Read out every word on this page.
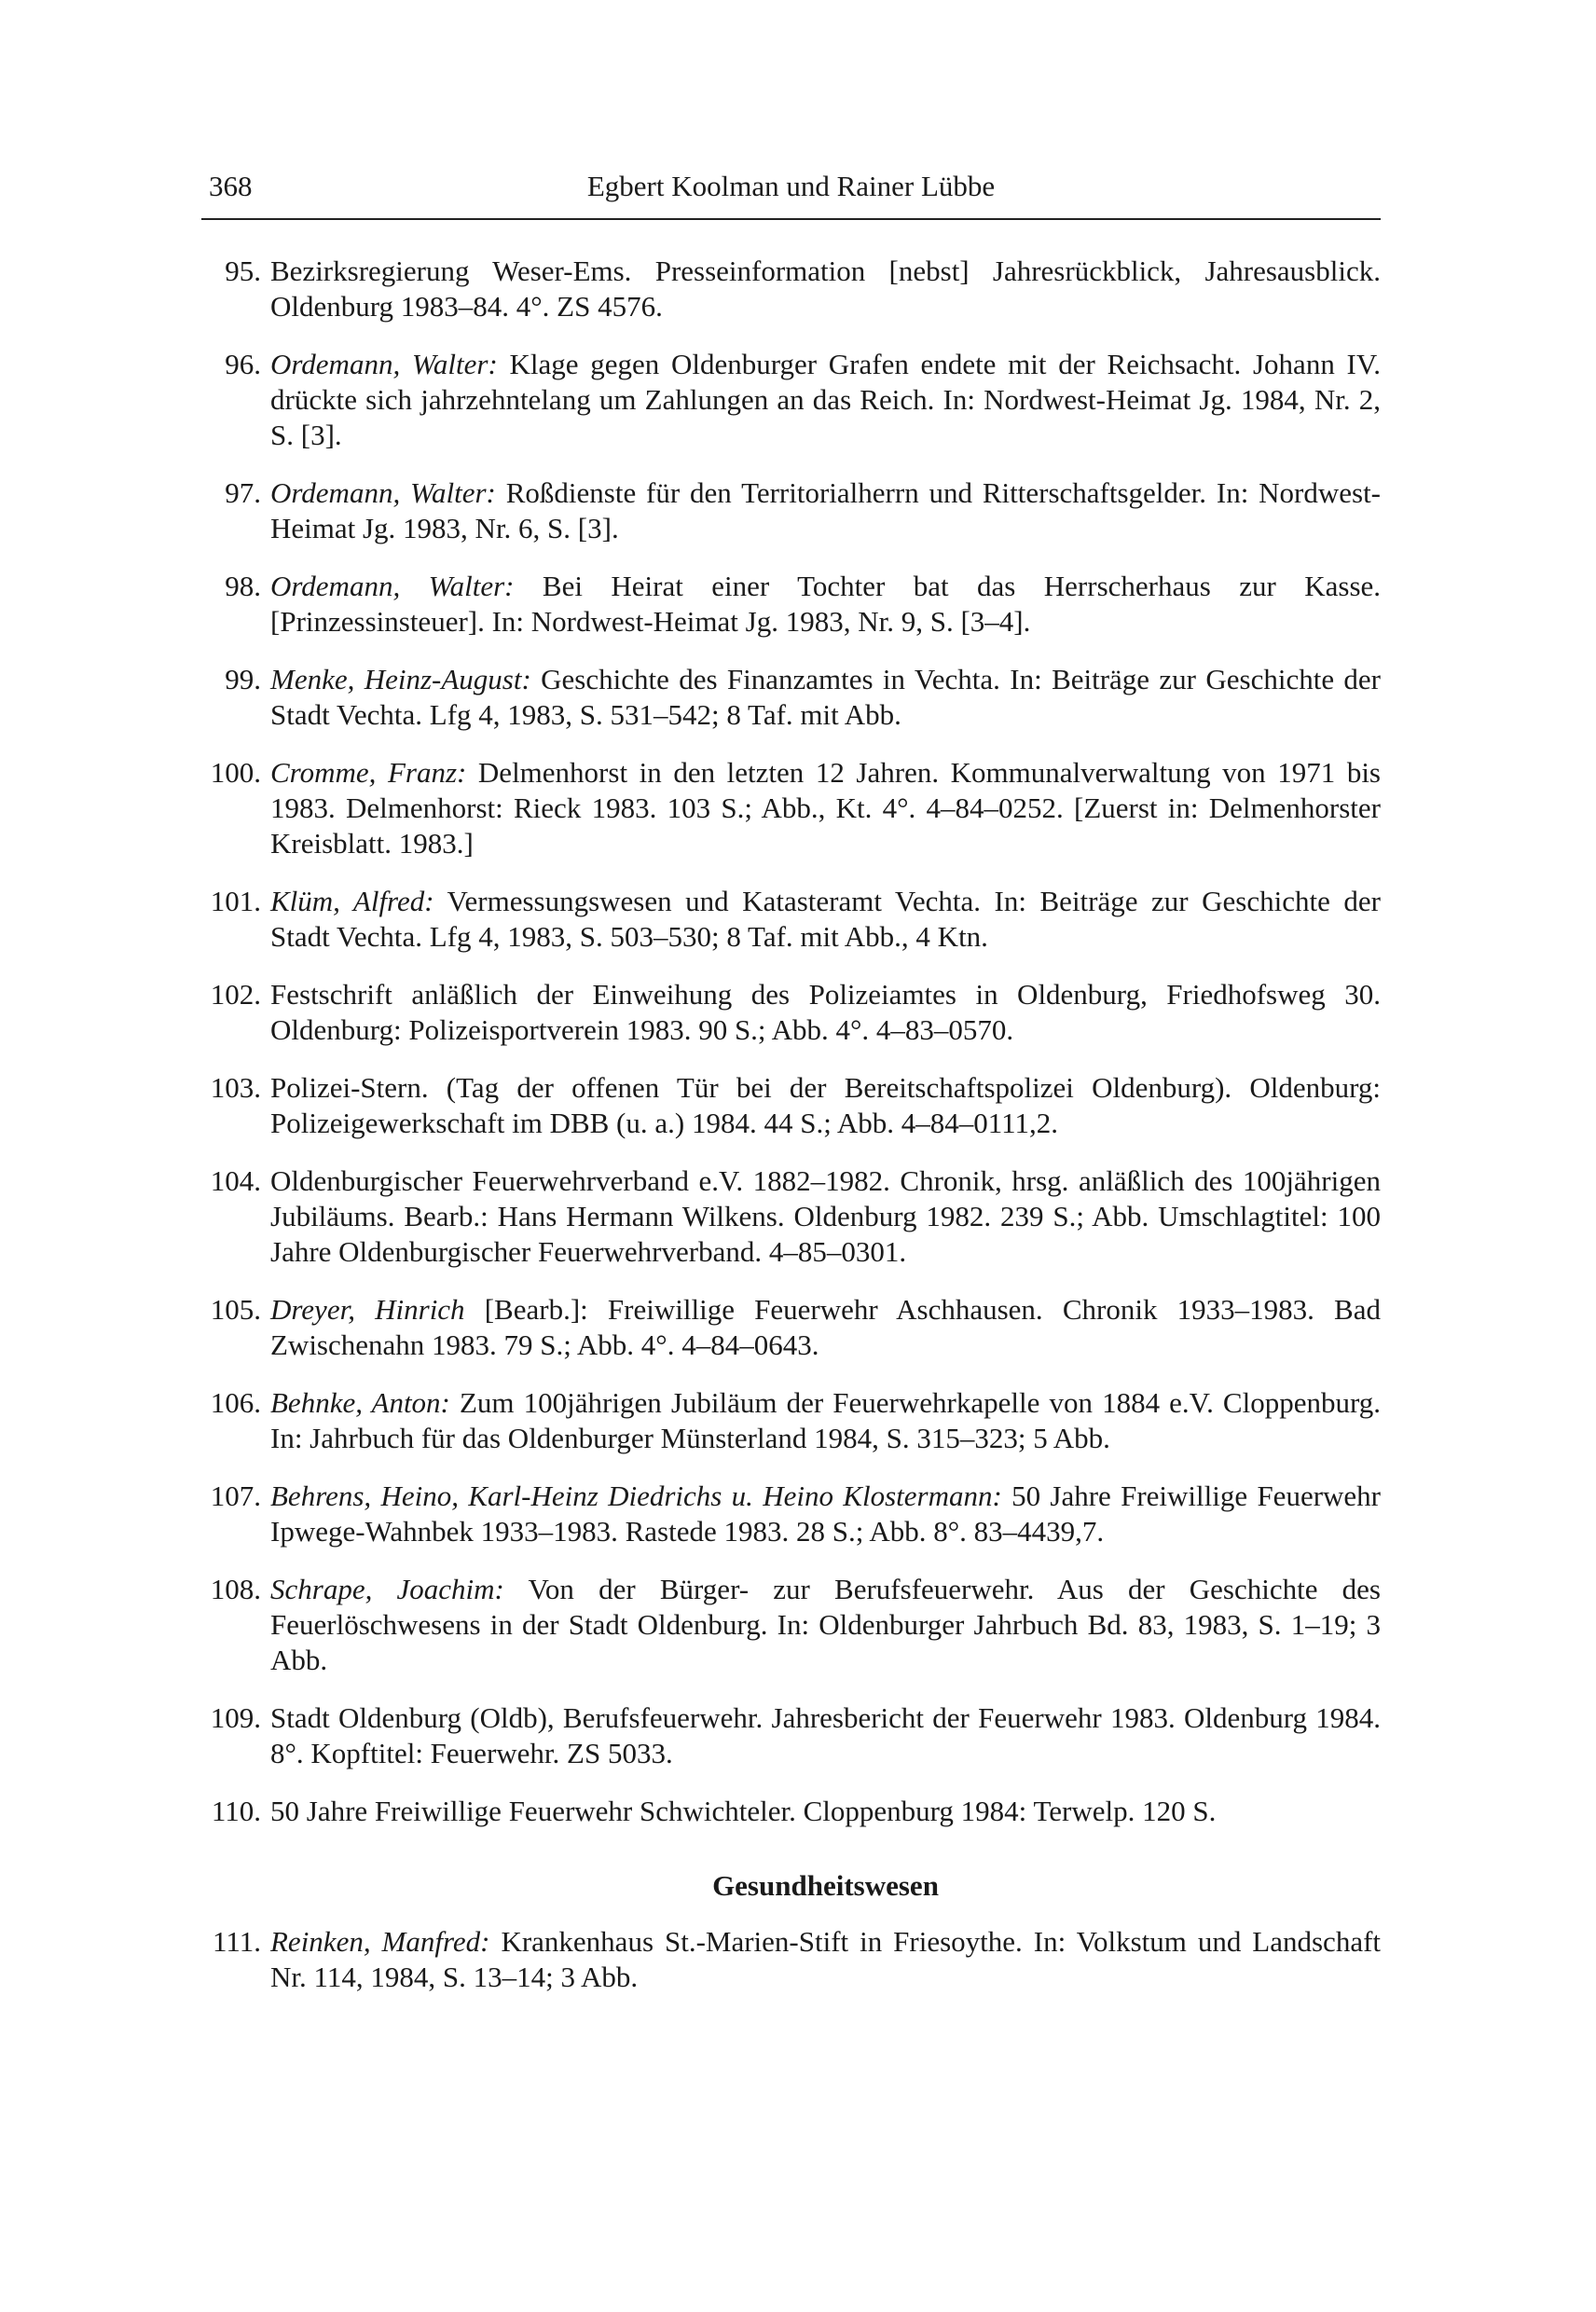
368	Egbert Koolman und Rainer Lübbe
95. Bezirksregierung Weser-Ems. Presseinformation [nebst] Jahresrückblick, Jahresausblick. Oldenburg 1983–84. 4°. ZS 4576.
96. Ordemann, Walter: Klage gegen Oldenburger Grafen endete mit der Reichsacht. Johann IV. drückte sich jahrzehntelang um Zahlungen an das Reich. In: Nordwest-Heimat Jg. 1984, Nr. 2, S. [3].
97. Ordemann, Walter: Roßdienste für den Territorialherrn und Ritterschaftsgelder. In: Nordwest-Heimat Jg. 1983, Nr. 6, S. [3].
98. Ordemann, Walter: Bei Heirat einer Tochter bat das Herrscherhaus zur Kasse. [Prinzessinsteuer]. In: Nordwest-Heimat Jg. 1983, Nr. 9, S. [3–4].
99. Menke, Heinz-August: Geschichte des Finanzamtes in Vechta. In: Beiträge zur Geschichte der Stadt Vechta. Lfg 4, 1983, S. 531–542; 8 Taf. mit Abb.
100. Cromme, Franz: Delmenhorst in den letzten 12 Jahren. Kommunalverwaltung von 1971 bis 1983. Delmenhorst: Rieck 1983. 103 S.; Abb., Kt. 4°. 4–84–0252. [Zuerst in: Delmenhorster Kreisblatt. 1983.]
101. Klüm, Alfred: Vermessungswesen und Katasteramt Vechta. In: Beiträge zur Geschichte der Stadt Vechta. Lfg 4, 1983, S. 503–530; 8 Taf. mit Abb., 4 Ktn.
102. Festschrift anläßlich der Einweihung des Polizeiamtes in Oldenburg, Friedhofsweg 30. Oldenburg: Polizeisportverein 1983. 90 S.; Abb. 4°. 4–83–0570.
103. Polizei-Stern. (Tag der offenen Tür bei der Bereitschaftspolizei Oldenburg). Oldenburg: Polizeigewerkschaft im DBB (u. a.) 1984. 44 S.; Abb. 4–84–0111,2.
104. Oldenburgischer Feuerwehrverband e.V. 1882–1982. Chronik, hrsg. anläßlich des 100jährigen Jubiläums. Bearb.: Hans Hermann Wilkens. Oldenburg 1982. 239 S.; Abb. Umschlagtitel: 100 Jahre Oldenburgischer Feuerwehrverband. 4–85–0301.
105. Dreyer, Hinrich [Bearb.]: Freiwillige Feuerwehr Aschhausen. Chronik 1933–1983. Bad Zwischenahn 1983. 79 S.; Abb. 4°. 4–84–0643.
106. Behnke, Anton: Zum 100jährigen Jubiläum der Feuerwehrkapelle von 1884 e.V. Cloppenburg. In: Jahrbuch für das Oldenburger Münsterland 1984, S. 315–323; 5 Abb.
107. Behrens, Heino, Karl-Heinz Diedrichs u. Heino Klostermann: 50 Jahre Freiwillige Feuerwehr Ipwege-Wahnbek 1933–1983. Rastede 1983. 28 S.; Abb. 8°. 83–4439,7.
108. Schrape, Joachim: Von der Bürger- zur Berufsfeuerwehr. Aus der Geschichte des Feuerlöschwesens in der Stadt Oldenburg. In: Oldenburger Jahrbuch Bd. 83, 1983, S. 1–19; 3 Abb.
109. Stadt Oldenburg (Oldb), Berufsfeuerwehr. Jahresbericht der Feuerwehr 1983. Oldenburg 1984. 8°. Kopftitel: Feuerwehr. ZS 5033.
110. 50 Jahre Freiwillige Feuerwehr Schwichteler. Cloppenburg 1984: Terwelp. 120 S.
Gesundheitswesen
111. Reinken, Manfred: Krankenhaus St.-Marien-Stift in Friesoythe. In: Volkstum und Landschaft Nr. 114, 1984, S. 13–14; 3 Abb.
